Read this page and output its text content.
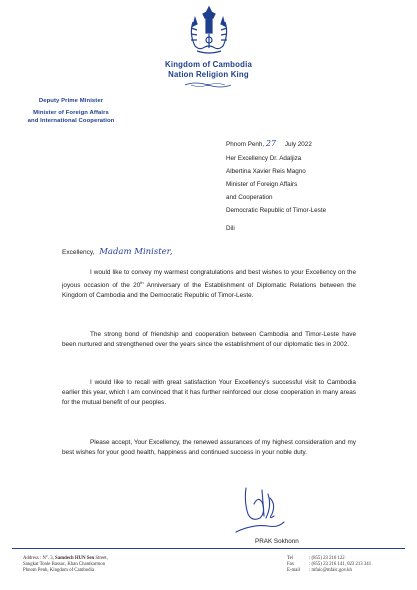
Kingdom of Cambodia
Nation Religion King
Deputy Prime Minister
Minister of Foreign Affairs
and International Cooperation
Phnom Penh, 27 July 2022
Her Excellency Dr. Adaljiza
Albertina Xavier Reis Magno
Minister of Foreign Affairs
and Cooperation
Democratic Republic of Timor-Leste
Dili
Excellency, Madam Minister,

I would like to convey my warmest congratulations and best wishes to your Excellency on the joyous occasion of the 20th Anniversary of the Establishment of Diplomatic Relations between the Kingdom of Cambodia and the Democratic Republic of Timor-Leste.

The strong bond of friendship and cooperation between Cambodia and Timor-Leste have been nurtured and strengthened over the years since the establishment of our diplomatic ties in 2002.

I would like to recall with great satisfaction Your Excellency’s successful visit to Cambodia earlier this year, which I am convinced that it has further reinforced our close cooperation in many areas for the mutual benefit of our peoples.

Please accept, Your Excellency, the renewed assurances of my highest consideration and my best wishes for your good health, happiness and continued success in your noble duty.

PRAK Sokhonn
Address : N°. 3, Samdech HUN Sen Street,
Sangkat Tonle Bassac, Khan Chamkarmon
Phnom Penh, Kingdom of Cambodia
Tel	: (855) 23 216 122
Fax	: (855) 23 216 141, 023 213 341
E-mail : mfaic@mfaic.gov.kh
